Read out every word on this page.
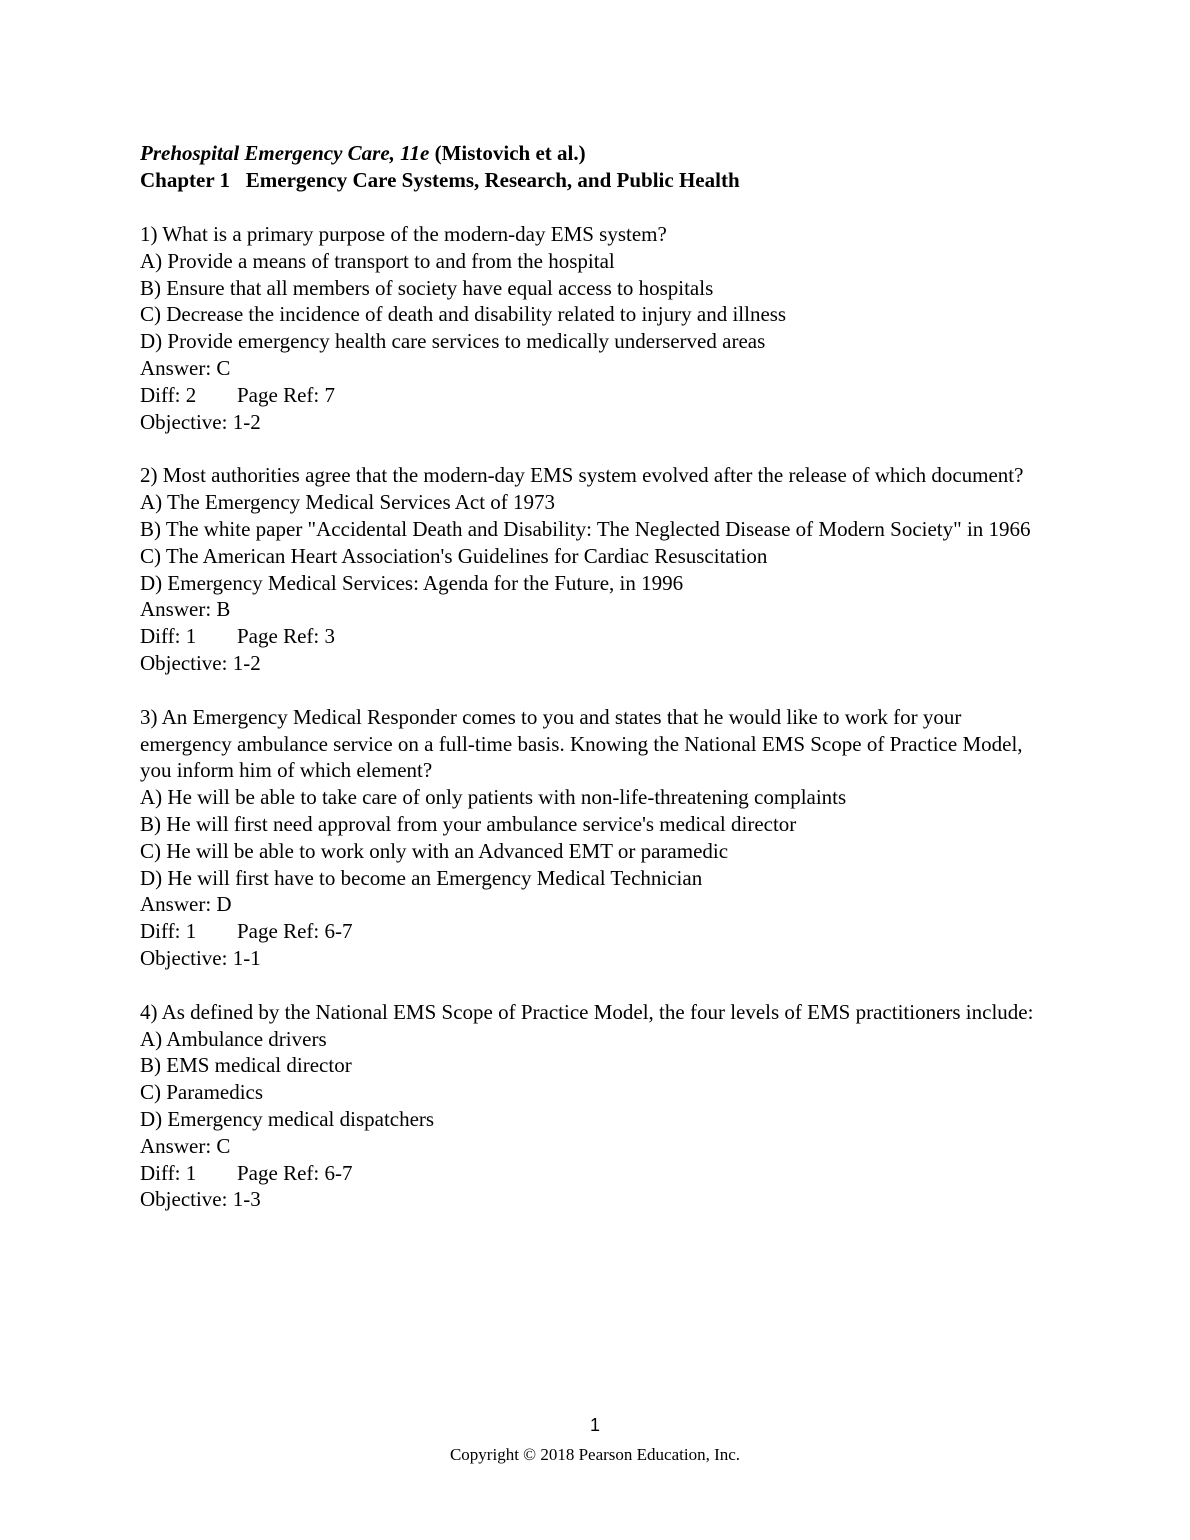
Prehospital Emergency Care, 11e (Mistovich et al.)
Chapter 1   Emergency Care Systems, Research, and Public Health
1) What is a primary purpose of the modern-day EMS system?
A) Provide a means of transport to and from the hospital
B) Ensure that all members of society have equal access to hospitals
C) Decrease the incidence of death and disability related to injury and illness
D) Provide emergency health care services to medically underserved areas
Answer: C
Diff: 2 Page Ref: 7
Objective: 1-2
2) Most authorities agree that the modern-day EMS system evolved after the release of which document?
A) The Emergency Medical Services Act of 1973
B) The white paper "Accidental Death and Disability: The Neglected Disease of Modern Society" in 1966
C) The American Heart Association's Guidelines for Cardiac Resuscitation
D) Emergency Medical Services: Agenda for the Future, in 1996
Answer: B
Diff: 1 Page Ref: 3
Objective: 1-2
3) An Emergency Medical Responder comes to you and states that he would like to work for your emergency ambulance service on a full-time basis. Knowing the National EMS Scope of Practice Model, you inform him of which element?
A) He will be able to take care of only patients with non-life-threatening complaints
B) He will first need approval from your ambulance service's medical director
C) He will be able to work only with an Advanced EMT or paramedic
D) He will first have to become an Emergency Medical Technician
Answer: D
Diff: 1 Page Ref: 6-7
Objective: 1-1
4) As defined by the National EMS Scope of Practice Model, the four levels of EMS practitioners include:
A) Ambulance drivers
B) EMS medical director
C) Paramedics
D) Emergency medical dispatchers
Answer: C
Diff: 1 Page Ref: 6-7
Objective: 1-3
1
Copyright © 2018 Pearson Education, Inc.
